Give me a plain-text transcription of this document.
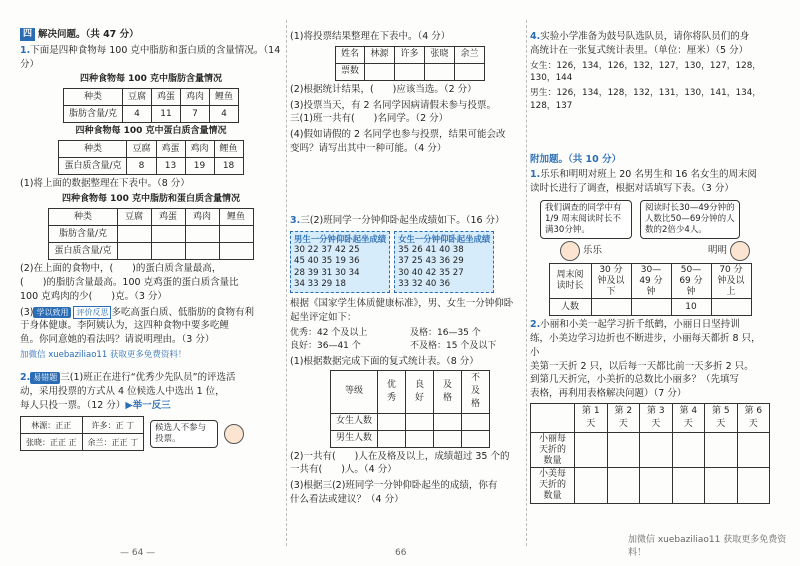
四 解决问题。（共 47 分）

1.下面是四种食物每 100 克中脂肪和蛋白质的含量情况。（14 分）

四种食物每 100 克中脂肪含量情况
种类	豆腐	鸡蛋	鸡肉	鲤鱼
脂肪含量/克	4	11	7	4
四种食物每 100 克中蛋白质含量情况
种类	豆腐	鸡蛋	鸡肉	鲤鱼
蛋白质含量/克	8	13	19	18

(1)将上面的数据整理在下表中。（8 分）

四种食物每 100 克中脂肪和蛋白质含量情况
种类	豆腐	鸡蛋	鸡肉	鲤鱼
脂肪含量/克				
蛋白质含量/克				

(2)在上面的食物中，(　　)的蛋白质含量最高，
(　　)的脂肪含量最高。100 克鸡蛋的蛋白质含量比
100 克鸡肉的少(　　)克。（3 分）

(3) 学以致用 评价反思 多吃高蛋白质、低脂肪的食物有利
于身体健康。李阿姨认为，这四种食物中要多吃鲤
鱼。你同意她的看法吗？请说明理由。（3 分）

加微信 xuebaziliao11 获取更多免费资料！

2. 易错题 三(1)班正在进行“优秀少先队员”的评选活
动，采用投票的方式从 4 位候选人中选出 1 位，
每人只投一票。（12 分）▶举一反三

林源：正正	许多：正 丁
张晓：正正 正	余兰：正正 丁
候选人不参与投票。
— 64 —

(1)将投票结果整理在下表中。（4 分）

姓名	林源	许多	张晓	余兰
票数				

(2)根据统计结果，(　　)应该当选。（2 分）

(3)投票当天，有 2 名同学因病请假未参与投票。
三(1)班一共有(　　)名同学。（2 分）

(4)假如请假的 2 名同学也参与投票，结果可能会改
变吗？请写出其中一种可能。（4 分）

3.三(2)班同学一分钟仰卧起坐成绩如下。（16 分）

男生一分钟仰卧起坐成绩
30 22 37 42 25
45 40 35 19 36
28 39 31 30 34
34 33 29 18
女生一分钟仰卧起坐成绩
35 26 41 40 38
37 25 43 36 29
30 40 42 35 27
33 32 40 36

根据《国家学生体质健康标准》，男、女生一分钟仰卧
起坐评定如下：

优秀：42 个及以上	及格：16—35 个
良好：36—41 个	不及格：15 个及以下

(1)根据数据完成下面的复式统计表。（8 分）

等级	优秀	良好	及格	不及格
女生人数				
男生人数				

(2)一共有(　　)人在及格及以上，成绩超过 35 个的
一共有(　　)人。（4 分）

(3)根据三(2)班同学一分钟仰卧起坐的成绩，你有
什么看法或建议？（4 分）

66

4.实验小学准备为鼓号队选队员，请你将队员们的身
高统计在一张复式统计表里。（单位：厘米）（5 分）

女生：126，134，126，132，127，130，127，128，130，144

男生：126，134，128，132，131，130，141，134，128，137

附加题。（共 10 分）

1.乐乐和明明对班上 20 名男生和 16 名女生的周末阅
读时长进行了调查，根据对话填写下表。（3 分）

我们调查的同学中有 1/9 周末阅读时长不满30分钟。
阅读时长30—49分钟的人数比50—69分钟的人数的2倍少4人。
乐乐	明明
周末阅读时长	30 分钟及以下	30—49 分钟	50—69 分钟	70 分钟及以上
人数			10	

2.小丽和小美一起学习折千纸鹤，小丽日日坚持训
练，小美边学习边折也不断进步，小丽每天都折 8 只，小
美第一天折 2 只，以后每一天都比前一天多折 2 只。
到第几天折完，小美折的总数比小丽多？（先填写
表格，再利用表格解决问题）（7 分）

	第 1 天	第 2 天	第 3 天	第 4 天	第 5 天	第 6 天
小丽每天折的数量						
小美每天折的数量						
加微信 xuebaziliao11 获取更多免费资料！
